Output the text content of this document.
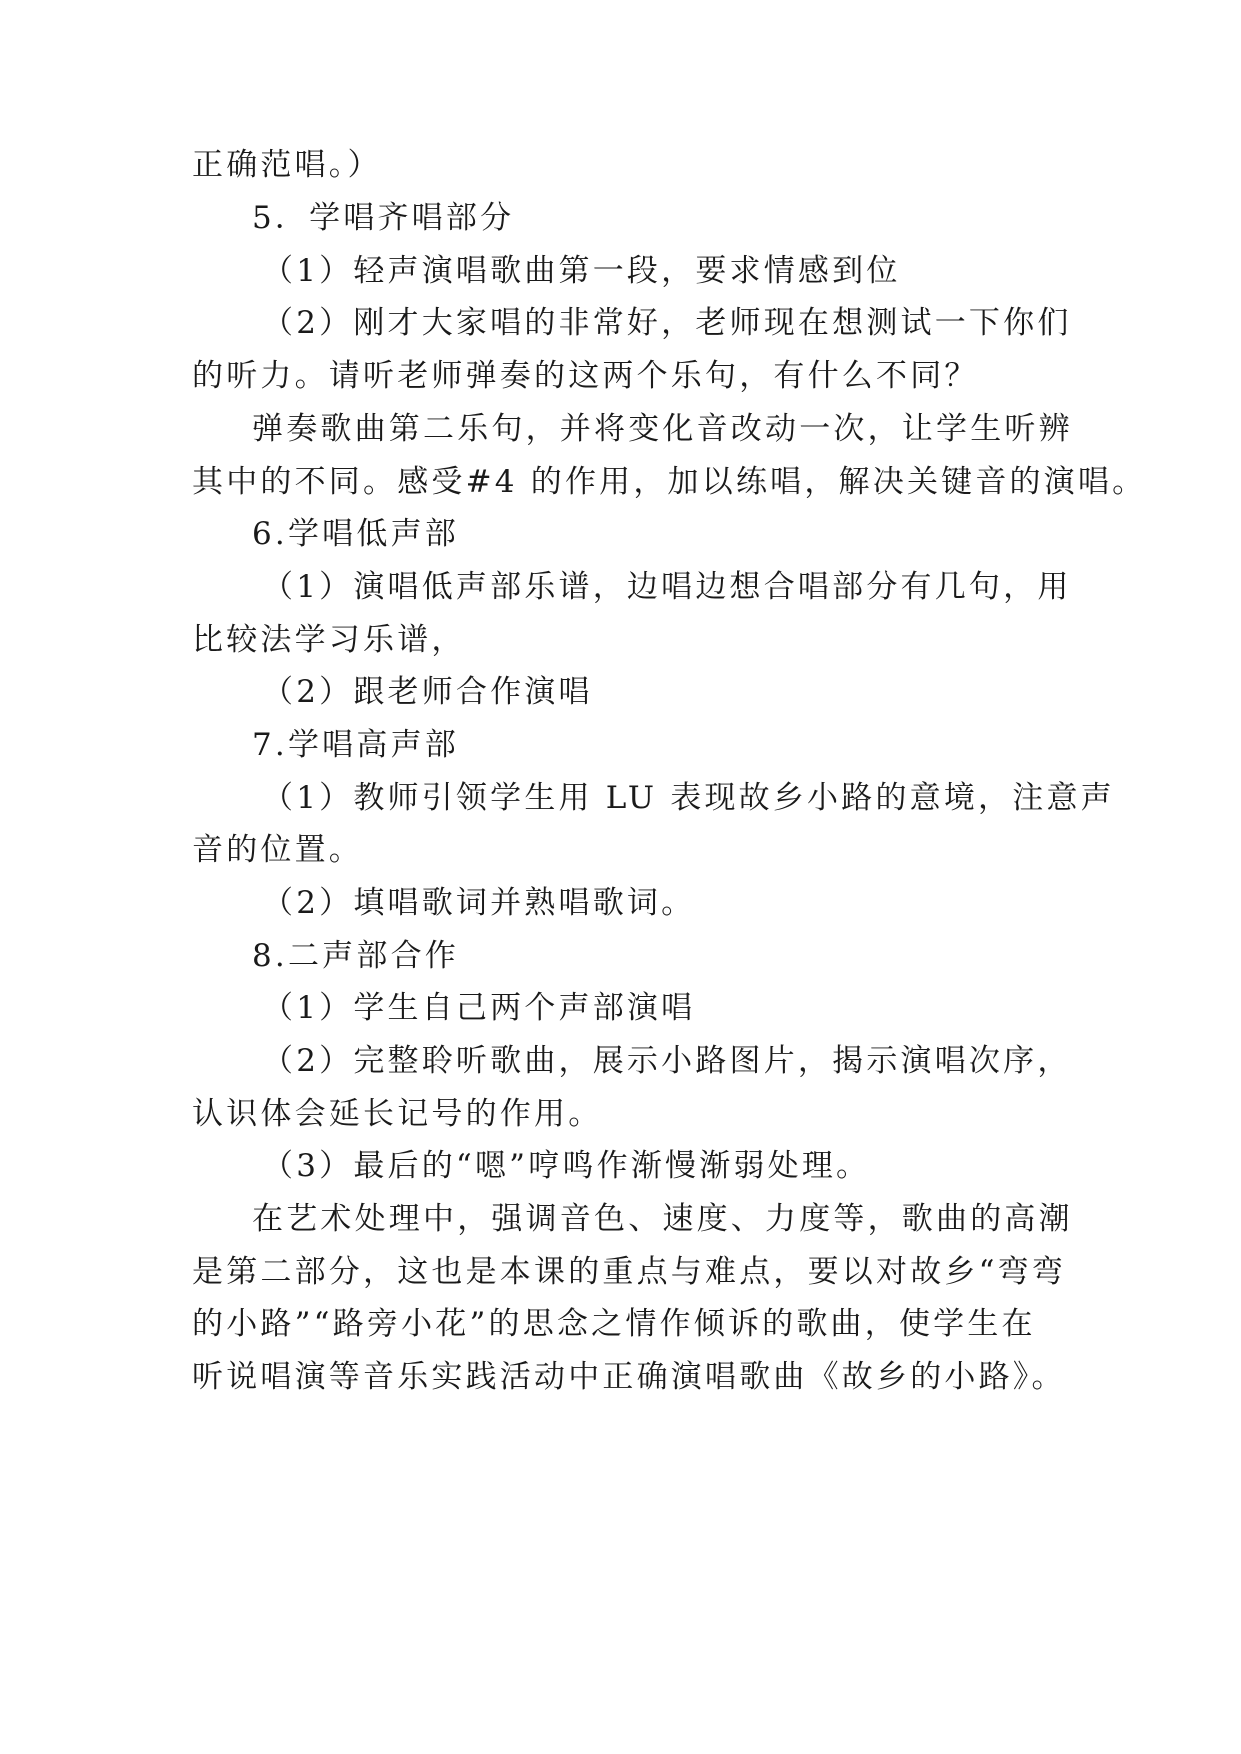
正确范唱。）
5．学唱齐唱部分
（1）轻声演唱歌曲第一段，要求情感到位
（2）刚才大家唱的非常好，老师现在想测试一下你们
的听力。请听老师弹奏的这两个乐句，有什么不同？
弹奏歌曲第二乐句，并将变化音改动一次，让学生听辨
其中的不同。感受#4 的作用，加以练唱，解决关键音的演唱。
6.学唱低声部
（1）演唱低声部乐谱，边唱边想合唱部分有几句，用
比较法学习乐谱，
（2）跟老师合作演唱
7.学唱高声部
（1）教师引领学生用 LU 表现故乡小路的意境，注意声
音的位置。
（2）填唱歌词并熟唱歌词。
8.二声部合作
（1）学生自己两个声部演唱
（2）完整聆听歌曲，展示小路图片，揭示演唱次序，
认识体会延长记号的作用。
（3）最后的“嗯”哼鸣作渐慢渐弱处理。
在艺术处理中，强调音色、速度、力度等，歌曲的高潮
是第二部分，这也是本课的重点与难点，要以对故乡“弯弯
的小路”“路旁小花”的思念之情作倾诉的歌曲，使学生在
听说唱演等音乐实践活动中正确演唱歌曲《故乡的小路》。
